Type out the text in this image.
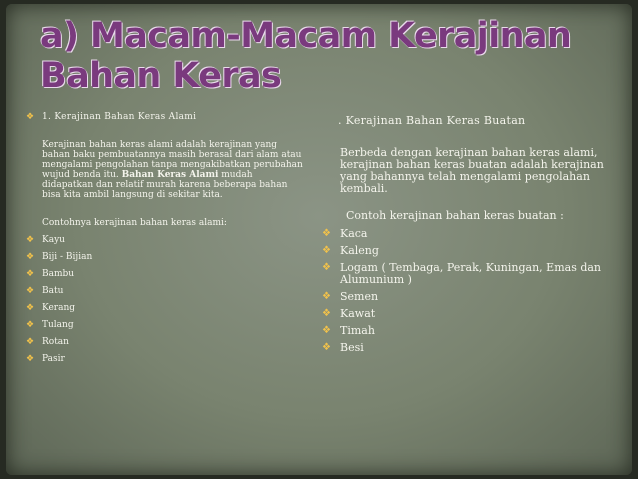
a) Macam-Macam Kerajinan Bahan Keras
❖ 1. Kerajinan Bahan Keras Alami
Kerajinan bahan keras alami adalah kerajinan yang bahan baku pembuatannya masih berasal dari alam atau mengalami pengolahan tanpa mengakibatkan perubahan wujud benda itu. Bahan Keras Alami mudah didapatkan dan relatif murah karena beberapa bahan bisa kita ambil langsung di sekitar kita.
Contohnya kerajinan bahan keras alami:
❖ Kayu
❖ Biji - Bijian
❖ Bambu
❖ Batu
❖ Kerang
❖ Tulang
❖ Rotan
❖ Pasir
. Kerajinan Bahan Keras Buatan
Berbeda dengan kerajinan bahan keras alami, kerajinan bahan keras buatan adalah kerajinan yang bahannya telah mengalami pengolahan kembali.
Contoh kerajinan bahan keras buatan :
❖ Kaca
❖ Kaleng
❖ Logam ( Tembaga, Perak, Kuningan, Emas dan Alumunium )
❖ Semen
❖ Kawat
❖ Timah
❖ Besi
